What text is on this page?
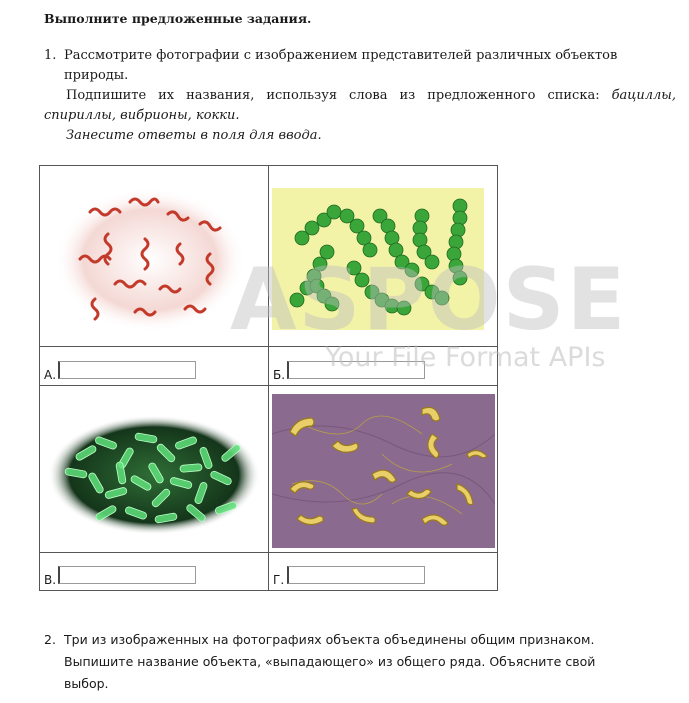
Выполните предложенные задания.
1. Рассмотрите фотографии с изображением представителей различных объектов
природы.
Подпишите их названия, используя слова из предложенного списка: бациллы, спириллы, вибрионы, кокки.
Занесите ответы в поля для ввода.

А.	Б.

В.	Г.
ASPOSE
Your File Format APIs
2. Три из изображенных на фотографиях объекта объединены общим признаком.
Выпишите название объекта, «выпадающего» из общего ряда. Объясните свой
выбор.
